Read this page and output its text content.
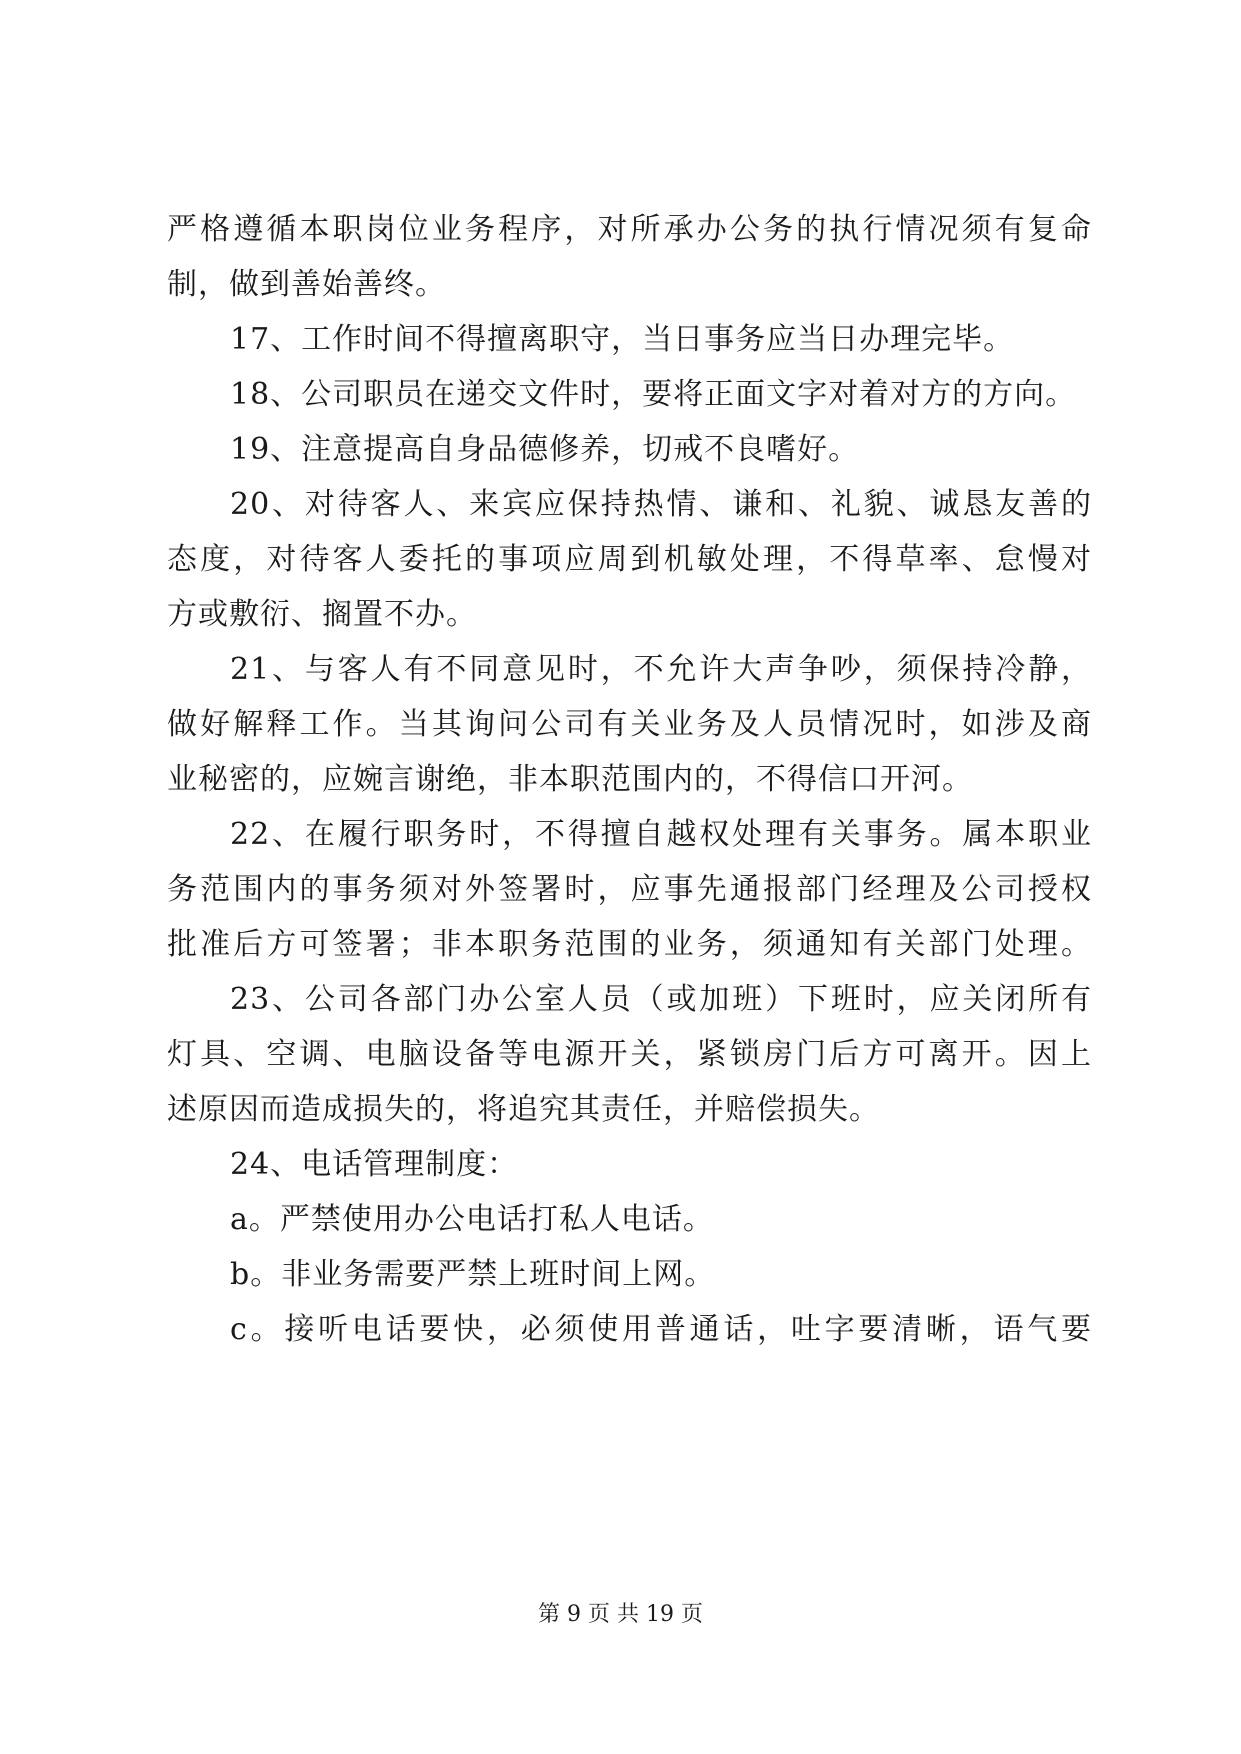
严格遵循本职岗位业务程序，对所承办公务的执行情况须有复命
制，做到善始善终。
17、工作时间不得擅离职守，当日事务应当日办理完毕。
18、公司职员在递交文件时，要将正面文字对着对方的方向。
19、注意提高自身品德修养，切戒不良嗜好。
20、对待客人、来宾应保持热情、谦和、礼貌、诚恳友善的
态度，对待客人委托的事项应周到机敏处理，不得草率、怠慢对
方或敷衍、搁置不办。
21、与客人有不同意见时，不允许大声争吵，须保持冷静，
做好解释工作。当其询问公司有关业务及人员情况时，如涉及商
业秘密的，应婉言谢绝，非本职范围内的，不得信口开河。
22、在履行职务时，不得擅自越权处理有关事务。属本职业
务范围内的事务须对外签署时，应事先通报部门经理及公司授权
批准后方可签署；非本职务范围的业务，须通知有关部门处理。
23、公司各部门办公室人员（或加班）下班时，应关闭所有
灯具、空调、电脑设备等电源开关，紧锁房门后方可离开。因上
述原因而造成损失的，将追究其责任，并赔偿损失。
24、电话管理制度：
a。严禁使用办公电话打私人电话。
b。非业务需要严禁上班时间上网。
c。接听电话要快，必须使用普通话，吐字要清晰，语气要
第 9 页 共 19 页
